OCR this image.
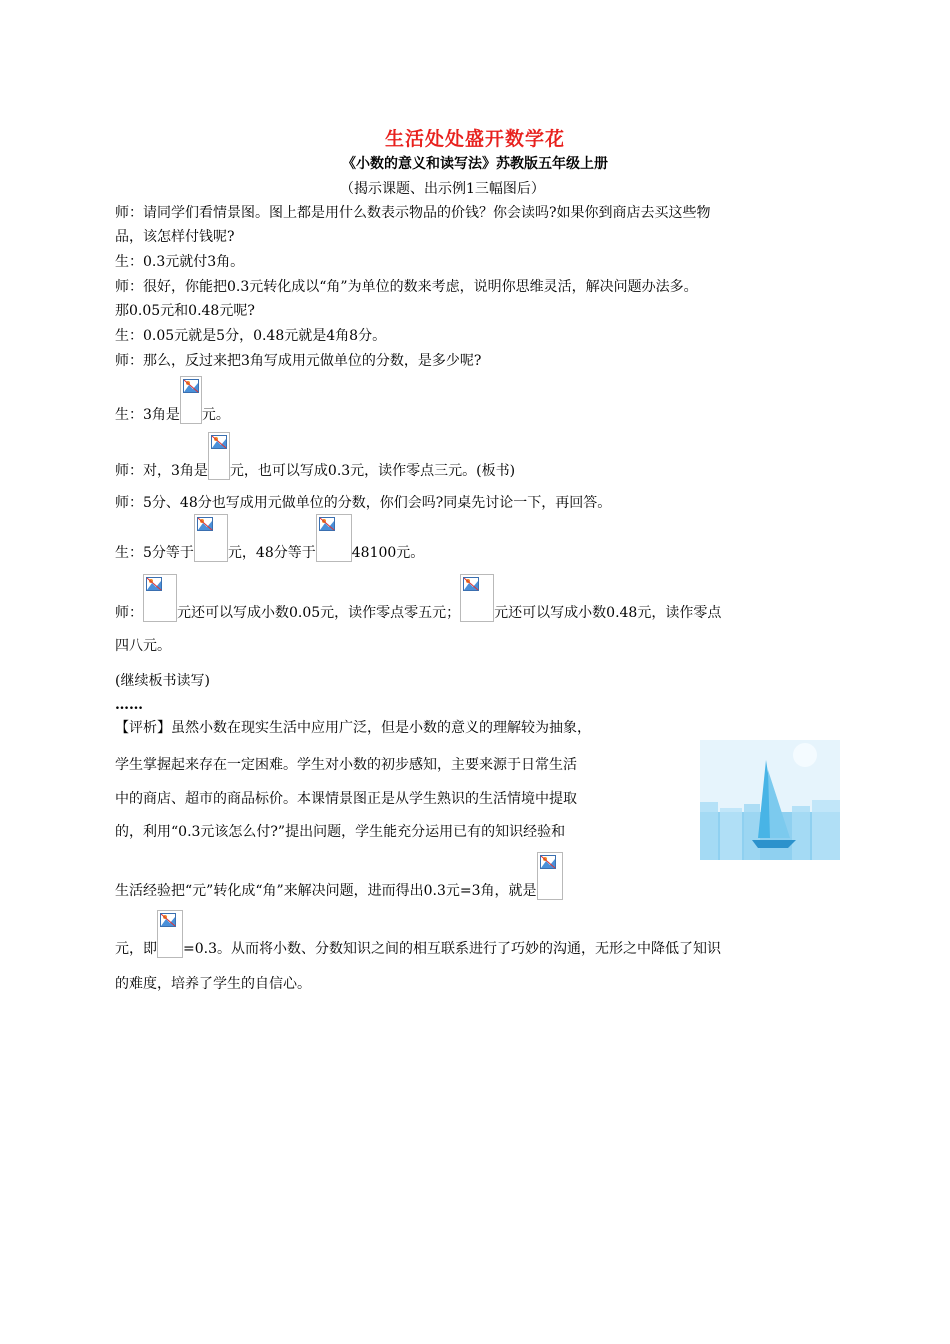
生活处处盛开数学花
《小数的意义和读写法》苏教版五年级上册
（揭示课题、出示例1三幅图后）
师：请同学们看情景图。图上都是用什么数表示物品的价钱？你会读吗?如果你到商店去买这些物
品，该怎样付钱呢?
生：0.3元就付3角。
师：很好，你能把0.3元转化成以“角”为单位的数来考虑，说明你思维灵活，解决问题办法多。
那0.05元和0.48元呢?
生：0.05元就是5分，0.48元就是4角8分。
师：那么，反过来把3角写成用元做单位的分数，是多少呢?
生：3角是 元。
师：对，3角是 元，也可以写成0.3元，读作零点三元。(板书)
师：5分、48分也写成用元做单位的分数，你们会吗?同桌先讨论一下，再回答。
生：5分等于 元，48分等于	48100元。
师： 元还可以写成小数0.05元，读作零点零五元； 元还可以写成小数0.48元，读作零点
四八元。
(继续板书读写)
……
【评析】虽然小数在现实生活中应用广泛，但是小数的意义的理解较为抽象，
学生掌握起来存在一定困难。学生对小数的初步感知，主要来源于日常生活
中的商店、超市的商品标价。本课情景图正是从学生熟识的生活情境中提取
的，利用“0.3元该怎么付?”提出问题，学生能充分运用已有的知识经验和
生活经验把“元”转化成“角”来解决问题，进而得出0.3元=3角，就是
元，即 =0.3。从而将小数、分数知识之间的相互联系进行了巧妙的沟通，无形之中降低了知识
的难度，培养了学生的自信心。
